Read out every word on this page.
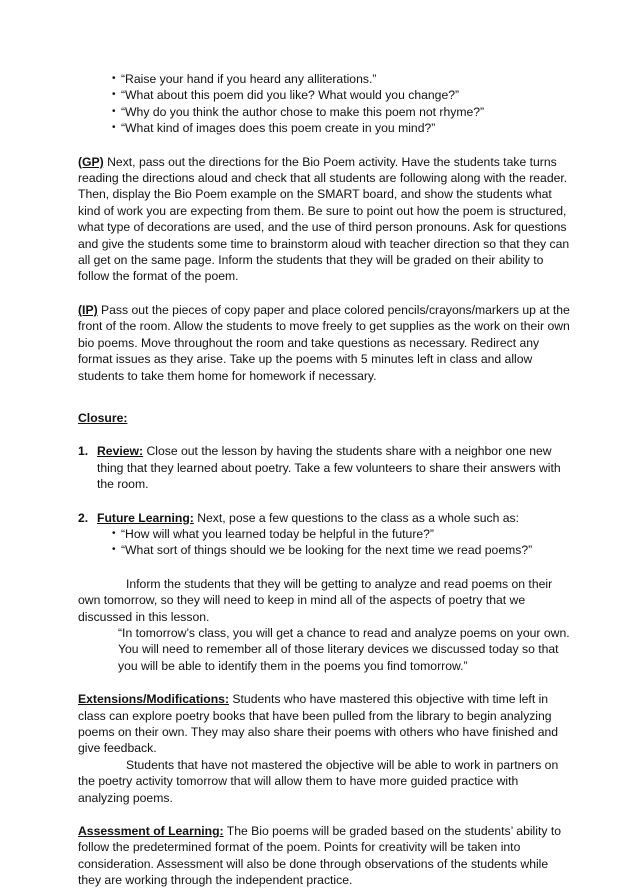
• “Raise your hand if you heard any alliterations.”
• “What about this poem did you like? What would you change?”
• “Why do you think the author chose to make this poem not rhyme?”
• “What kind of images does this poem create in you mind?”

(GP) Next, pass out the directions for the Bio Poem activity. Have the students take turns reading the directions aloud and check that all students are following along with the reader. Then, display the Bio Poem example on the SMART board, and show the students what kind of work you are expecting from them. Be sure to point out how the poem is structured, what type of decorations are used, and the use of third person pronouns. Ask for questions and give the students some time to brainstorm aloud with teacher direction so that they can all get on the same page. Inform the students that they will be graded on their ability to follow the format of the poem.

(IP) Pass out the pieces of copy paper and place colored pencils/crayons/markers up at the front of the room. Allow the students to move freely to get supplies as the work on their own bio poems. Move throughout the room and take questions as necessary. Redirect any format issues as they arise. Take up the poems with 5 minutes left in class and allow students to take them home for homework if necessary.

Closure:

1. Review: Close out the lesson by having the students share with a neighbor one new thing that they learned about poetry. Take a few volunteers to share their answers with the room.

2. Future Learning: Next, pose a few questions to the class as a whole such as:

• “How will what you learned today be helpful in the future?”
• “What sort of things should we be looking for the next time we read poems?”

Inform the students that they will be getting to analyze and read poems on their own tomorrow, so they will need to keep in mind all of the aspects of poetry that we discussed in this lesson.

“In tomorrow’s class, you will get a chance to read and analyze poems on your own. You will need to remember all of those literary devices we discussed today so that you will be able to identify them in the poems you find tomorrow.”

Extensions/Modifications: Students who have mastered this objective with time left in class can explore poetry books that have been pulled from the library to begin analyzing poems on their own. They may also share their poems with others who have finished and give feedback.

Students that have not mastered the objective will be able to work in partners on the poetry activity tomorrow that will allow them to have more guided practice with analyzing poems.

Assessment of Learning: The Bio poems will be graded based on the students’ ability to follow the predetermined format of the poem. Points for creativity will be taken into consideration. Assessment will also be done through observations of the students while they are working through the independent practice.
